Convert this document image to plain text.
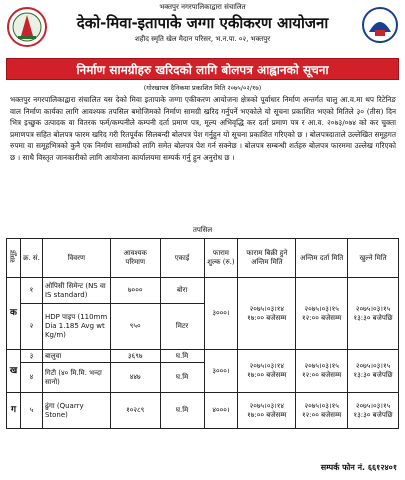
भक्तपुर नगरपालिकाद्वारा संचालित
देको-मिवा-इतापाके जग्गा एकीकरण आयोजना
शहीद स्मृति खेल मैदान परिसर, भ.न.पा. ०२, भक्तपुर
निर्माण सामग्रीहरु खरिदको लागि बोलपत्र आह्वानको सूचना
(गोरखापत्र दैनिकमा प्रकाशित मिति २०७५/०२/१७)
भक्तपुर नगरपालिकाद्वारा संचालित यस देको मिवा इतापाके जग्गा एकीकरण आयोजना क्षेत्रको पूर्वाधार निर्माण अन्तर्गत चालु आ.व.मा थप रिटेनिङ वाल निर्माण कार्यका लागि आवश्यक तपसिल बमोजिमको निर्माण सामग्री खरिद गर्नुपर्ने भएकोले यो सूचना प्रकाशित भएको मितिले ३० (तीस) दिन भित्र इच्छुक उत्पादक वा वितरक फर्म/कम्पनीले कम्पनी दर्ता प्रमाण पत्र, मूल्य अभिवृद्धि कर दर्ता प्रमाण पत्र र आ.व. २०७३/०७४ को कर चुक्ता प्रमाणपत्र सहित बोलपत्र फारम खरिद गरी रितपूर्वक सिलबन्दी बोलपत्र पेश गर्नुहुन यो सूचना प्रकाशित गरिएको छ । बोलपत्रदाताले उल्लेखित समूहगत रुपमा वा समूहभित्रको कुनै एक निर्माण सामग्रीको लागि समेत बोलपत्र पेश गर्न सक्नेछ । बोलपत्र सम्बन्धी शर्तहरु बोलपत्र फारममा उल्लेख गरिएको छ । साथै विस्तृत जानकारीको लागि आयोजना कार्यालयमा सम्पर्क गर्नु हुन अनुरोध छ ।
तपसिल
समूह	क्र. सं.	विवरण	आवश्यक परिमाण	एकाई	फाराम शुल्क (रु.)	फाराम बिक्री हुने अन्तिम मिति	अन्तिम दर्ता मिति	खुल्ने मिति
क	१	ओपिसी सिमेन्ट (NS वा IS standard)	७०००	बोरा	३०००।	२०७५।०३।१४ १७:०० बजेसम्म	२०७५।०३।१५ १२:०० बजेसम्म	२०७५।०३।१५ १३:३० बजेपछि
	२	HDP पाइप (110mm Dia 1.185 Avg wt Kg/m)	९५०	मिटर				
ख	३	बालुवा	३६९७	घ.मि	३०००।	२०७५।०३।१४ १७:०० बजेसम्म	२०७५।०३।१५ १२:०० बजेसम्म	२०७५।०३।१५ १३:३० बजेपछि
	४	गिटी (४० मि.मि. भन्दा सानो)	४४७	घ.मि				
ग	५	ढुंगा (Quarry Stone)	१०२८९	घ.मि	४०००।	२०७५।०३।१४ १७:०० बजेसम्म	२०७५।०३।१५ १२:०० बजेसम्म	२०७५।०३।१५ १३:३० बजेपछि
सम्पर्क फोन नं. ६६१२४०१
